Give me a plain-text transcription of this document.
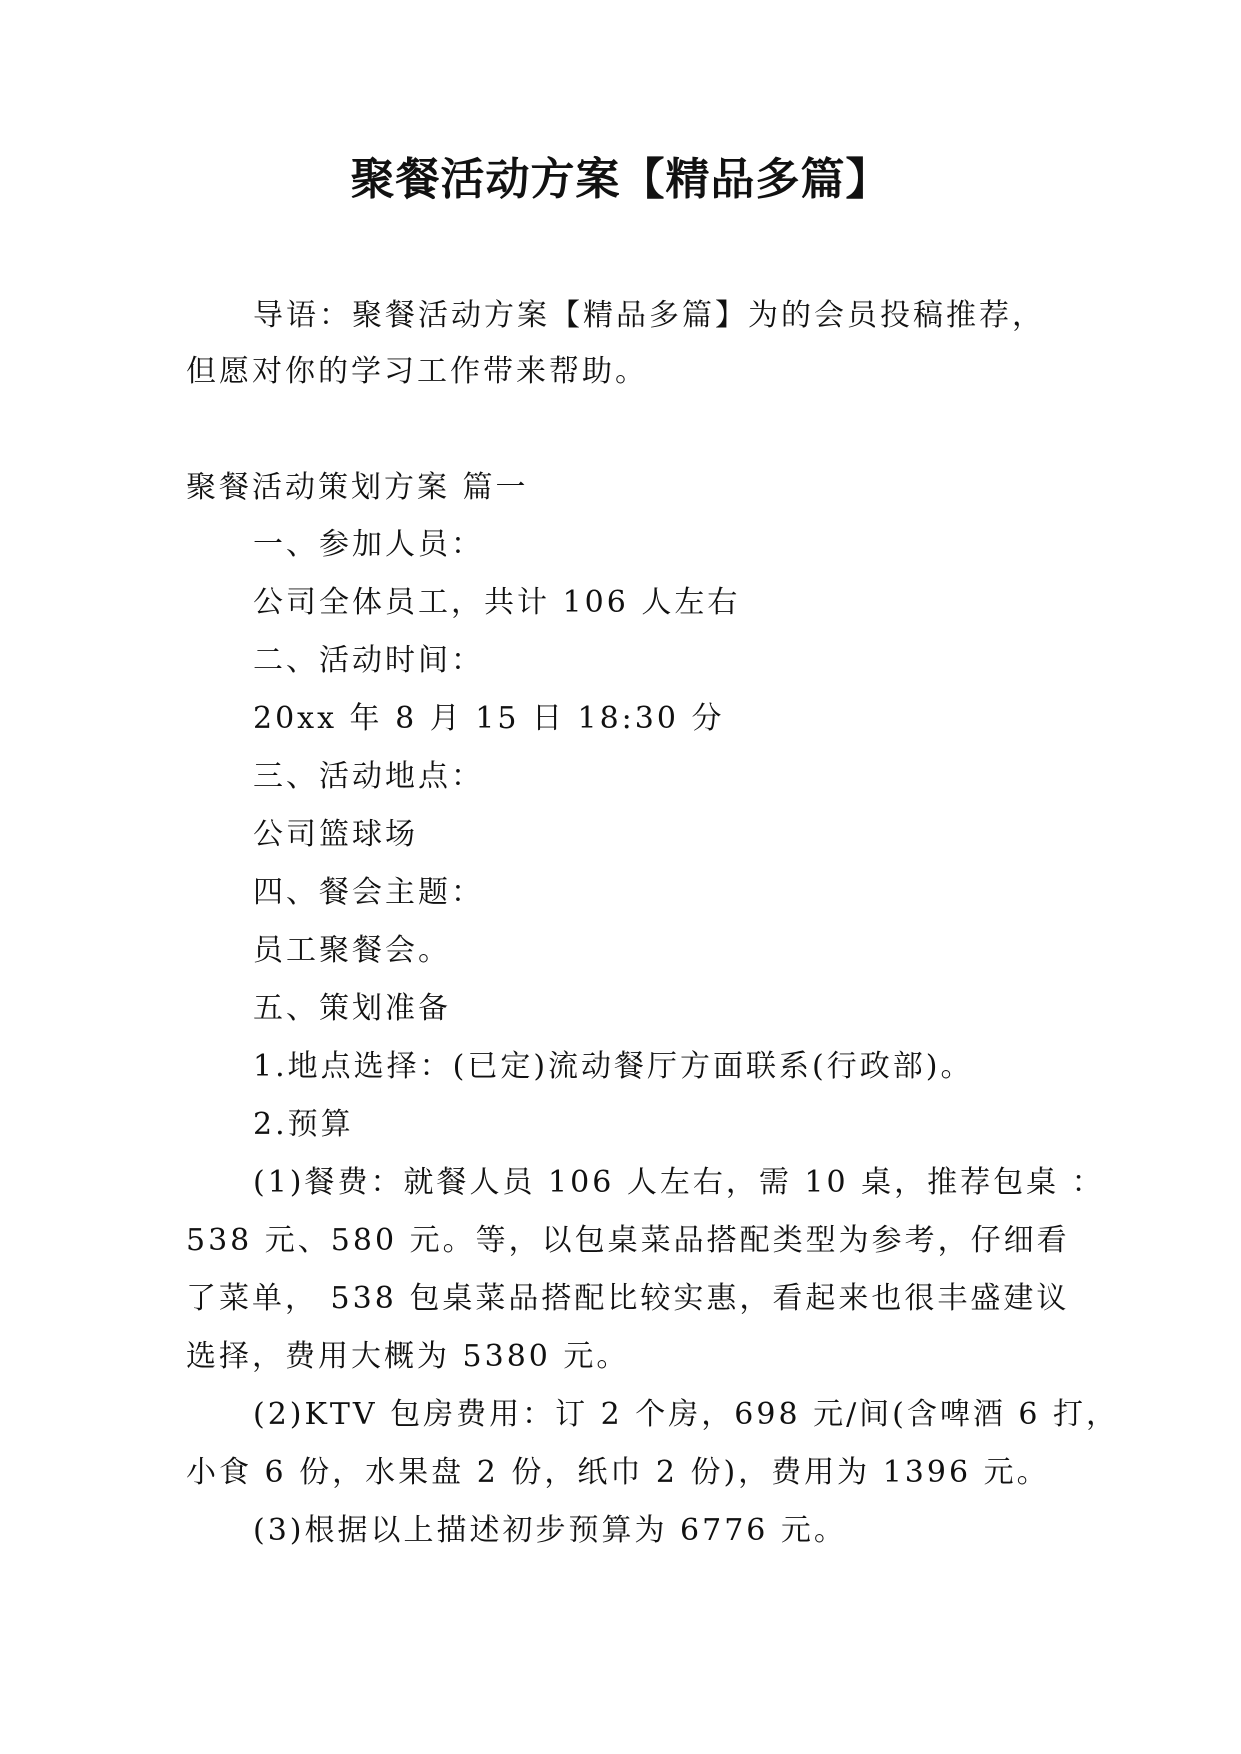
聚餐活动方案【精品多篇】
导语：聚餐活动方案【精品多篇】为的会员投稿推荐，
但愿对你的学习工作带来帮助。
聚餐活动策划方案 篇一
一、参加人员：
公司全体员工，共计 106 人左右
二、活动时间：
20xx 年 8 月 15 日 18:30 分
三、活动地点：
公司篮球场
四、餐会主题：
员工聚餐会。
五、策划准备
1.地点选择：(已定)流动餐厅方面联系(行政部)。
2.预算
(1)餐费：就餐人员 106 人左右，需 10 桌，推荐包桌 ：
538 元、580 元。等，以包桌菜品搭配类型为参考，仔细看
了菜单， 538 包桌菜品搭配比较实惠，看起来也很丰盛建议
选择，费用大概为 5380 元。
(2)KTV 包房费用：订 2 个房，698 元/间(含啤酒 6 打，
小食 6 份，水果盘 2 份，纸巾 2 份)，费用为 1396 元。
(3)根据以上描述初步预算为 6776 元。
